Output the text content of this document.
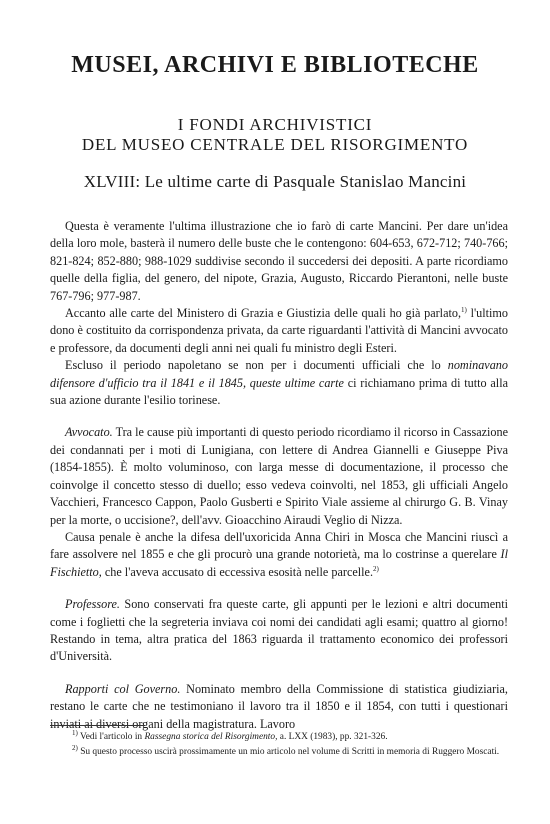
MUSEI, ARCHIVI E BIBLIOTECHE
I FONDI ARCHIVISTICI
DEL MUSEO CENTRALE DEL RISORGIMENTO
XLVIII: Le ultime carte di Pasquale Stanislao Mancini

Questa è veramente l'ultima illustrazione che io farò di carte Mancini. Per dare un'idea della loro mole, basterà il numero delle buste che le contengono: 604-653, 672-712; 740-766; 821-824; 852-880; 988-1029 suddivise secondo il succedersi dei depositi. A parte ricordiamo quelle della figlia, del genero, del nipote, Grazia, Augusto, Riccardo Pierantoni, nelle buste 767-796; 977-987.

Accanto alle carte del Ministero di Grazia e Giustizia delle quali ho già parlato,$^{1)}$ l'ultimo dono è costituito da corrispondenza privata, da carte riguardanti l'attività di Mancini avvocato e professore, da documenti degli anni nei quali fu ministro degli Esteri.

Escluso il periodo napoletano se non per i documenti ufficiali che lo nominavano difensore d'ufficio tra il 1841 e il 1845, queste ultime carte ci richiamano prima di tutto alla sua azione durante l'esilio torinese.

Avvocato. Tra le cause più importanti di questo periodo ricordiamo il ricorso in Cassazione dei condannati per i moti di Lunigiana, con lettere di Andrea Giannelli e Giuseppe Piva (1854-1855). È molto voluminoso, con larga messe di documentazione, il processo che coinvolge il concetto stesso di duello; esso vedeva coinvolti, nel 1853, gli ufficiali Angelo Vacchieri, Francesco Cappon, Paolo Gusberti e Spirito Viale assieme al chirurgo G. B. Vinay per la morte, o uccisione?, dell'avv. Gioacchino Airaudi Veglio di Nizza.

Causa penale è anche la difesa dell'uxoricida Anna Chiri in Mosca che Mancini riuscì a fare assolvere nel 1855 e che gli procurò una grande notorietà, ma lo costrinse a querelare Il Fischietto, che l'aveva accusato di eccessiva esosità nelle parcelle.$^{2)}$

Professore. Sono conservati fra queste carte, gli appunti per le lezioni e altri documenti come i foglietti che la segreteria inviava coi nomi dei candidati agli esami; quattro al giorno! Restando in tema, altra pratica del 1863 riguarda il trattamento economico dei professori d'Università.

Rapporti col Governo. Nominato membro della Commissione di statistica giudiziaria, restano le carte che ne testimoniano il lavoro tra il 1850 e il 1854, con tutti i questionari inviati ai diversi organi della magistratura. Lavoro

$^{1)}$ Vedi l'articolo in Rassegna storica del Risorgimento, a. LXX (1983), pp. 321-326.

$^{2)}$ Su questo processo uscirà prossimamente un mio articolo nel volume di Scritti in memoria di Ruggero Moscati.
